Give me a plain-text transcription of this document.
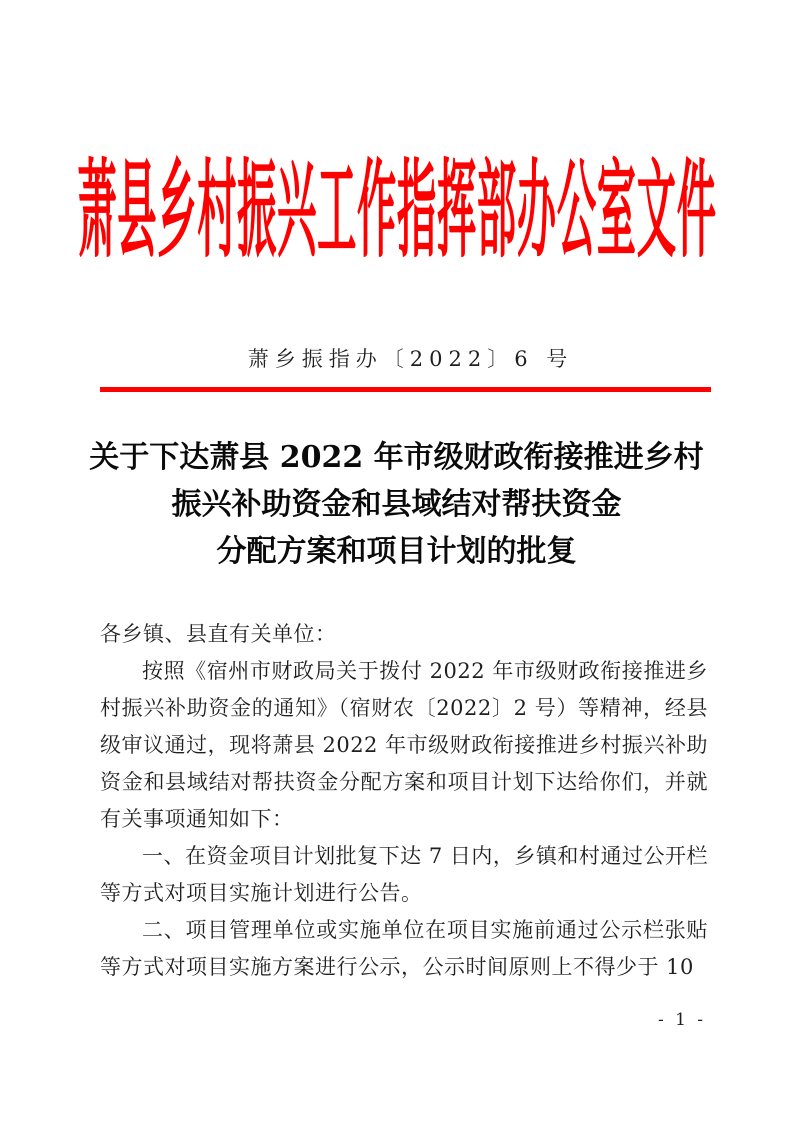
萧县乡村振兴工作指挥部办公室文件
萧乡振指办〔2022〕6 号
关于下达萧县 2022 年市级财政衔接推进乡村
振兴补助资金和县域结对帮扶资金
分配方案和项目计划的批复

各乡镇、县直有关单位：

按照《宿州市财政局关于拨付 2022 年市级财政衔接推进乡村振兴补助资金的通知》（宿财农〔2022〕2 号）等精神，经县级审议通过，现将萧县 2022 年市级财政衔接推进乡村振兴补助资金和县域结对帮扶资金分配方案和项目计划下达给你们，并就有关事项通知如下：

一、在资金项目计划批复下达 7 日内，乡镇和村通过公开栏等方式对项目实施计划进行公告。

二、项目管理单位或实施单位在项目实施前通过公示栏张贴等方式对项目实施方案进行公示，公示时间原则上不得少于 10

- 1 -
